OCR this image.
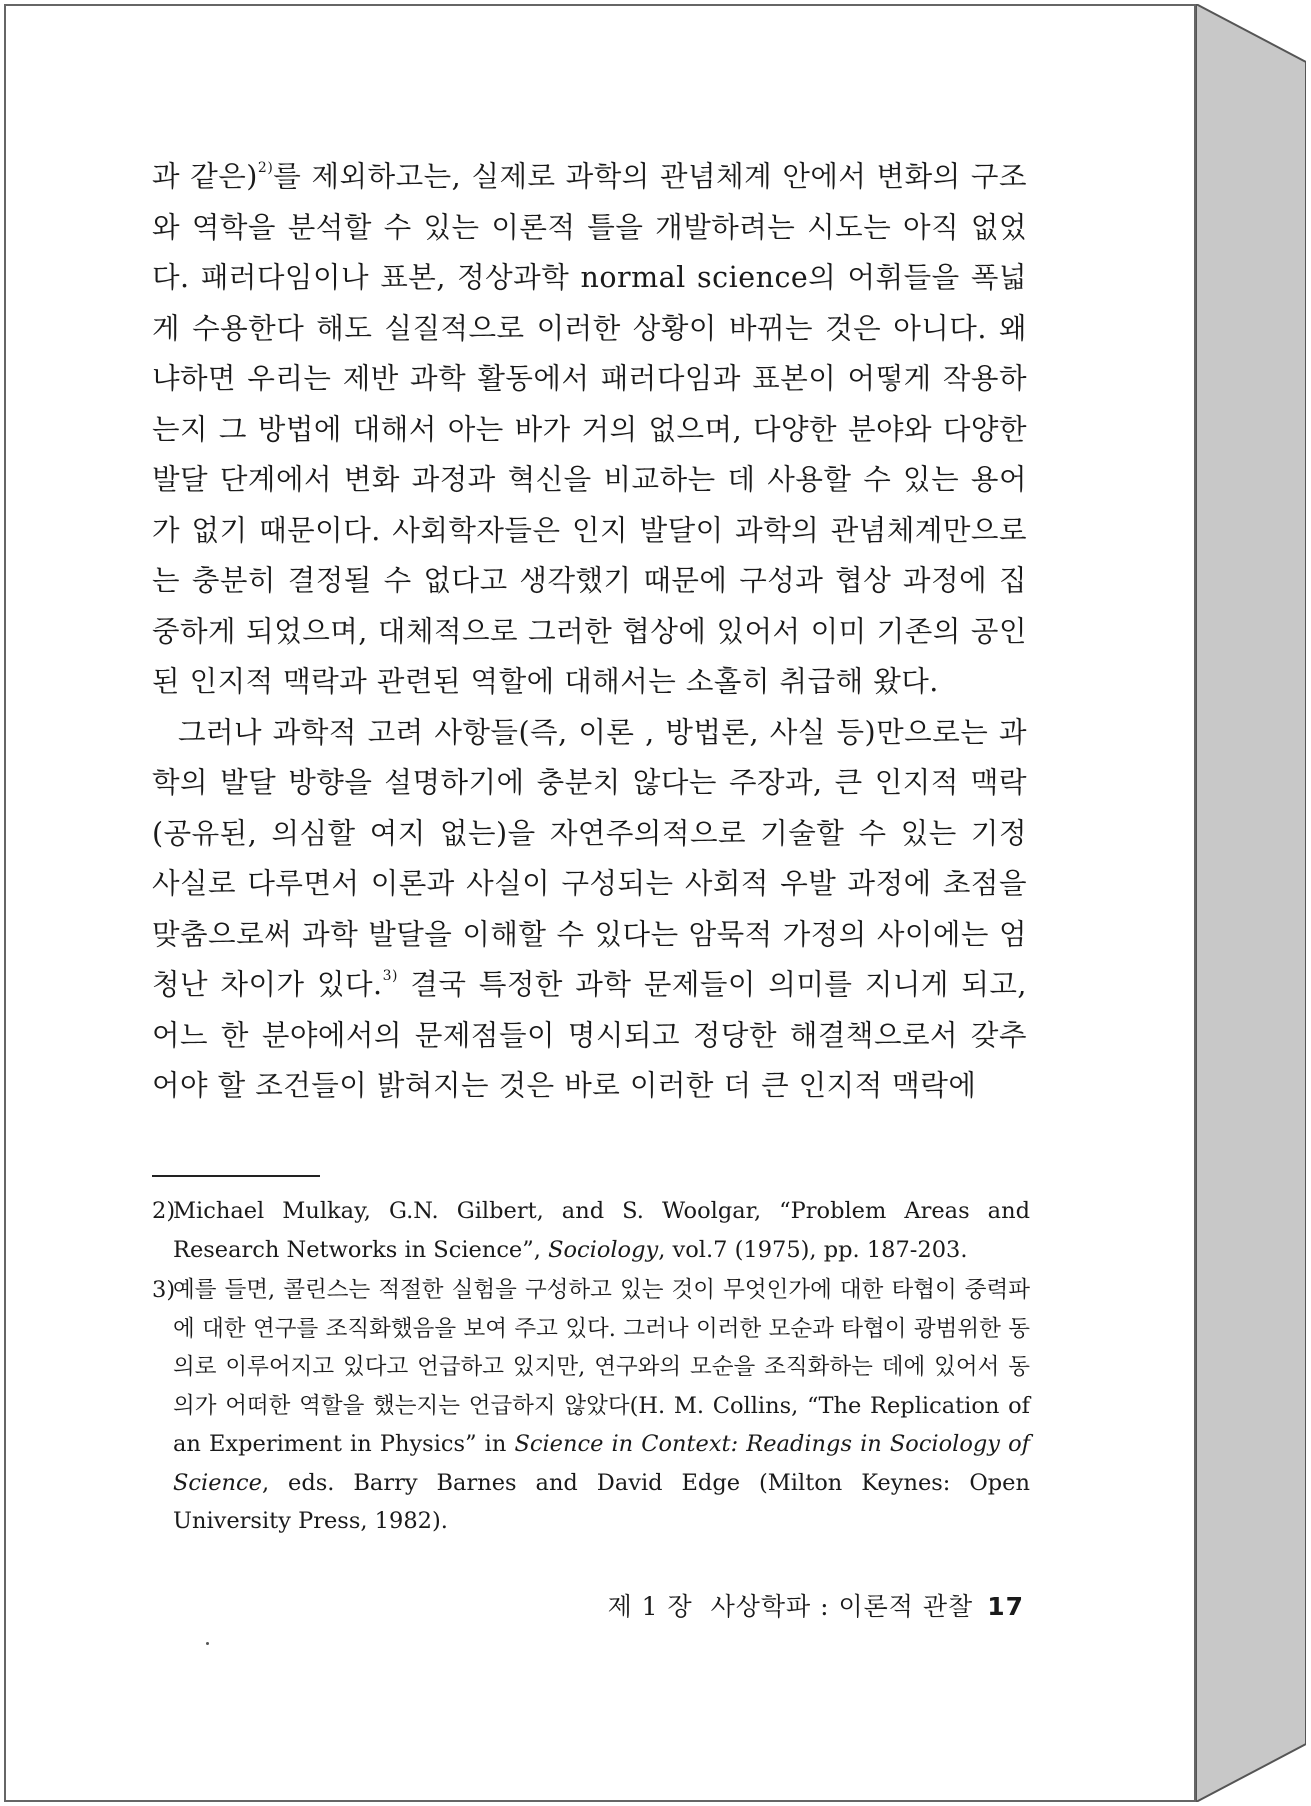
과 같은)$^{2)}$를 제외하고는, 실제로 과학의 관념체계 안에서 변화의 구조와 역학을 분석할 수 있는 이론적 틀을 개발하려는 시도는 아직 없었다. 패러다임이나 표본, 정상과학 normal science의 어휘들을 폭넓게 수용한다 해도 실질적으로 이러한 상황이 바뀌는 것은 아니다. 왜냐하면 우리는 제반 과학 활동에서 패러다임과 표본이 어떻게 작용하는지 그 방법에 대해서 아는 바가 거의 없으며, 다양한 분야와 다양한 발달 단계에서 변화 과정과 혁신을 비교하는 데 사용할 수 있는 용어가 없기 때문이다. 사회학자들은 인지 발달이 과학의 관념체계만으로는 충분히 결정될 수 없다고 생각했기 때문에 구성과 협상 과정에 집중하게 되었으며, 대체적으로 그러한 협상에 있어서 이미 기존의 공인된 인지적 맥락과 관련된 역할에 대해서는 소홀히 취급해 왔다.

그러나 과학적 고려 사항들(즉, 이론 , 방법론, 사실 등)만으로는 과학의 발달 방향을 설명하기에 충분치 않다는 주장과, 큰 인지적 맥락(공유된, 의심할 여지 없는)을 자연주의적으로 기술할 수 있는 기정 사실로 다루면서 이론과 사실이 구성되는 사회적 우발 과정에 초점을 맞춤으로써 과학 발달을 이해할 수 있다는 암묵적 가정의 사이에는 엄청난 차이가 있다.$^{3)}$ 결국 특정한 과학 문제들이 의미를 지니게 되고, 어느 한 분야에서의 문제점들이 명시되고 정당한 해결책으로서 갖추어야 할 조건들이 밝혀지는 것은 바로 이러한 더 큰 인지적 맥락에

2)
Michael Mulkay, G.N. Gilbert, and S. Woolgar, “Problem Areas and Research Networks in Science”, Sociology, vol.7 (1975), pp. 187-203.
3)
예를 들면, 콜린스는 적절한 실험을 구성하고 있는 것이 무엇인가에 대한 타협이 중력파에 대한 연구를 조직화했음을 보여 주고 있다. 그러나 이러한 모순과 타협이 광범위한 동의로 이루어지고 있다고 언급하고 있지만, 연구와의 모순을 조직화하는 데에 있어서 동의가 어떠한 역할을 했는지는 언급하지 않았다(H. M. Collins, “The Replication of an Experiment in Physics” in Science in Context: Readings in Sociology of Science, eds. Barry Barnes and David Edge (Milton Keynes: Open University Press, 1982).
제 1 장 사상학파 : 이론적 관찰 17
